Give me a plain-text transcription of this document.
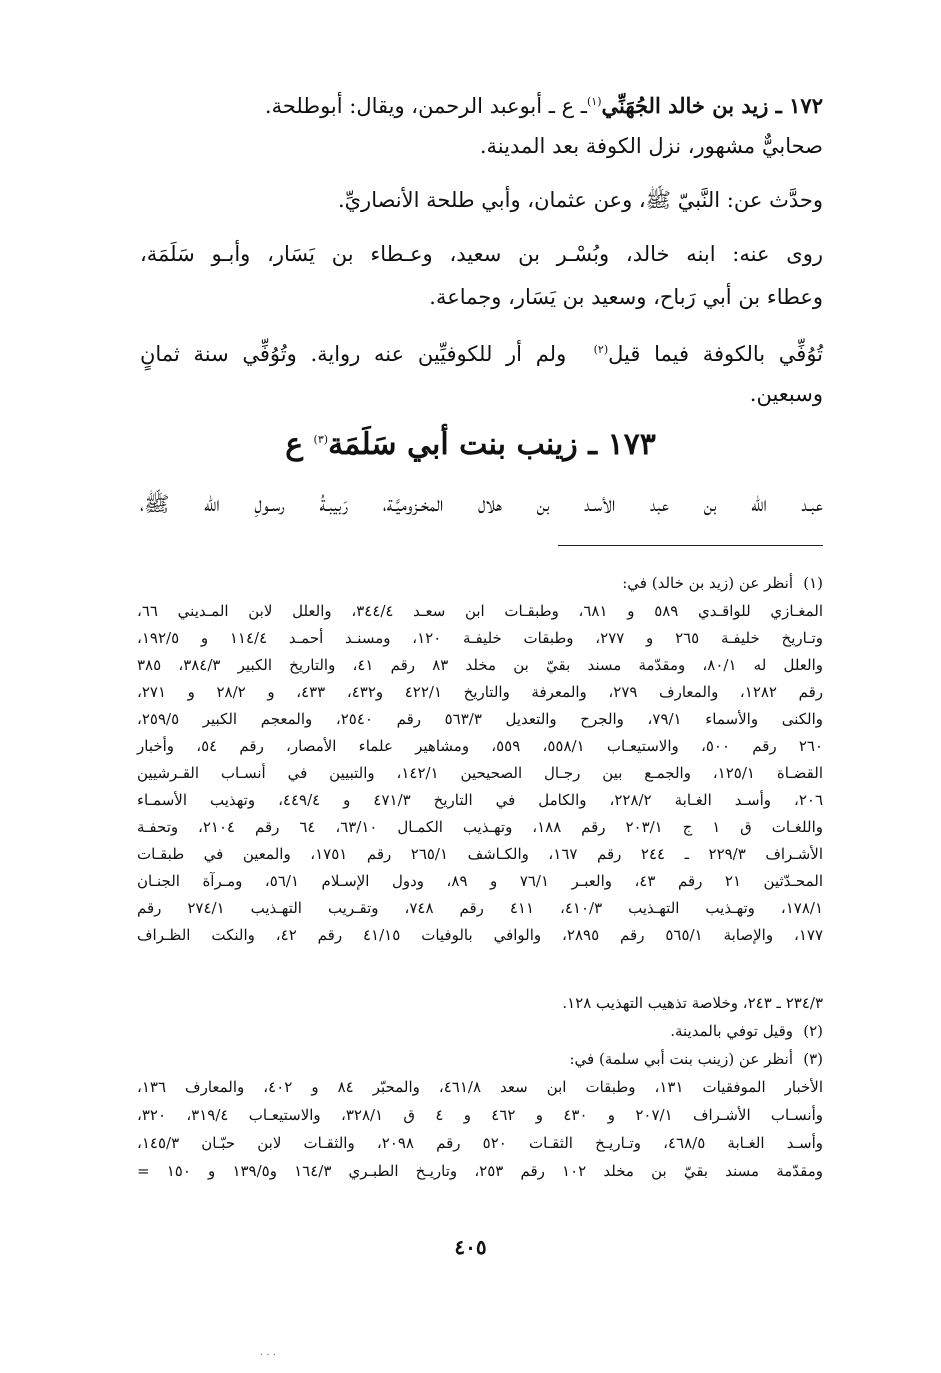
١٧٢ ـ زيد بن خالد الجُهَنِّي$^{(١)}$ـ ع ـ أبوعبد الرحمن، ويقال: أبوطلحة.
صحابيٌّ مشهور، نزل الكوفة بعد المدينة.
وحدَّث عن: النَّبيّ ﷺ، وعن عثمان، وأبي طلحة الأنصاريِّ.
روى عنه: ابنه خالد، وبُسْـر بن سعيد، وعـطاء بن يَسَار، وأبـو سَلَمَة،
وعطاء بن أبي رَباح، وسعيد بن يَسَار، وجماعة.
تُوُفِّي بالكوفة فيما قيل$^{(٢)}$  ولم أر للكوفيِّين عنه رواية. وتُوُفِّي سنة ثمانٍ
وسبعين.
١٧٣ ـ زينب بنت أبي سَلَمَة$^{(٣)}$ ع
عبـد الله بن عبد الأسـد بن هلال المخـزوميَّـة، رَبيبـةُ رسـولِ الله ﷺ،
(١)
أنظر عن (زيد بن خالد) في:
المغـازي للواقـدي ٥٨٩ و ٦٨١، وطبقـات ابن سعـد ٣٤٤/٤، والعلل لابن المـديني ٦٦،
وتـاريخ خليفـة ٢٦٥ و ٢٧٧، وطبقات خليفـة ١٢٠، ومسنـد أحمـد ١١٤/٤ و ١٩٢/٥،
والعلل له ٨٠/١، ومقدّمة مسند بقيّ بن مخلد ٨٣ رقم ٤١، والتاريخ الكبير ٣٨٤/٣، ٣٨٥
رقم ١٢٨٢، والمعارف ٢٧٩، والمعرفة والتاريخ ٤٢٢/١ و٤٣٢، ٤٣٣، و ٢٨/٢ و ٢٧١،
والكنى والأسماء ٧٩/١، والجرح والتعديل ٥٦٣/٣ رقم ٢٥٤٠، والمعجم الكبير ٢٥٩/٥،
٢٦٠ رقم ٥٠٠، والاستيعـاب ٥٥٨/١، ٥٥٩، ومشاهير علماء الأمصار، رقم ٥٤، وأخبار
القضـاة ١٢٥/١، والجمـع بين رجـال الصحيحين ١٤٢/١، والتبيين في أنسـاب القـرشيين
٢٠٦، وأسـد الغـابة ٢٢٨/٢، والكامل في التاريخ ٤٧١/٣ و ٤٤٩/٤، وتهذيب الأسمـاء
واللغـات ق ١ ج ٢٠٣/١ رقم ١٨٨، وتهـذيب الكمـال ٦٣/١٠، ٦٤ رقم ٢١٠٤، وتحفـة
الأشـراف ٢٢٩/٣ ـ ٢٤٤ رقم ١٦٧، والكـاشف ٢٦٥/١ رقم ١٧٥١، والمعين في طبقـات
المحـدّثين ٢١ رقم ٤٣، والعبـر ٧٦/١ و ٨٩، ودول الإسـلام ٥٦/١، ومـرآة الجنـان
١٧٨/١، وتهـذيب التهـذيب ٤١٠/٣، ٤١١ رقم ٧٤٨، وتقـريب التهـذيب ٢٧٤/١ رقم
١٧٧، والإصابة ٥٦٥/١ رقم ٢٨٩٥، والوافي بالوفيات ٤١/١٥ رقم ٤٢، والنكت الظـراف
٢٣٤/٣ ـ ٢٤٣، وخلاصة تذهيب التهذيب ١٢٨.
(٢)
وقيل توفي بالمدينة.
(٣)
أنظر عن (زينب بنت أبي سلمة) في:
الأخبار الموفقيات ١٣١، وطبقات ابن سعد ٤٦١/٨، والمحبّر ٨٤ و ٤٠٢، والمعارف ١٣٦،
وأنسـاب الأشـراف ٢٠٧/١ و ٤٣٠ و ٤٦٢ و ٤ ق ٣٢٨/١، والاستيعـاب ٣١٩/٤، ٣٢٠،
وأسـد الغـابة ٤٦٨/٥، وتـاريـخ الثقـات ٥٢٠ رقم ٢٠٩٨، والثقـات لابن حبّـان ١٤٥/٣،
ومقدّمة مسند بقيّ بن مخلد ١٠٢ رقم ٢٥٣، وتاريـخ الطبـري ١٦٤/٣ و١٣٩/٥ و ١٥٠ =
٤٠٥
· · ·
